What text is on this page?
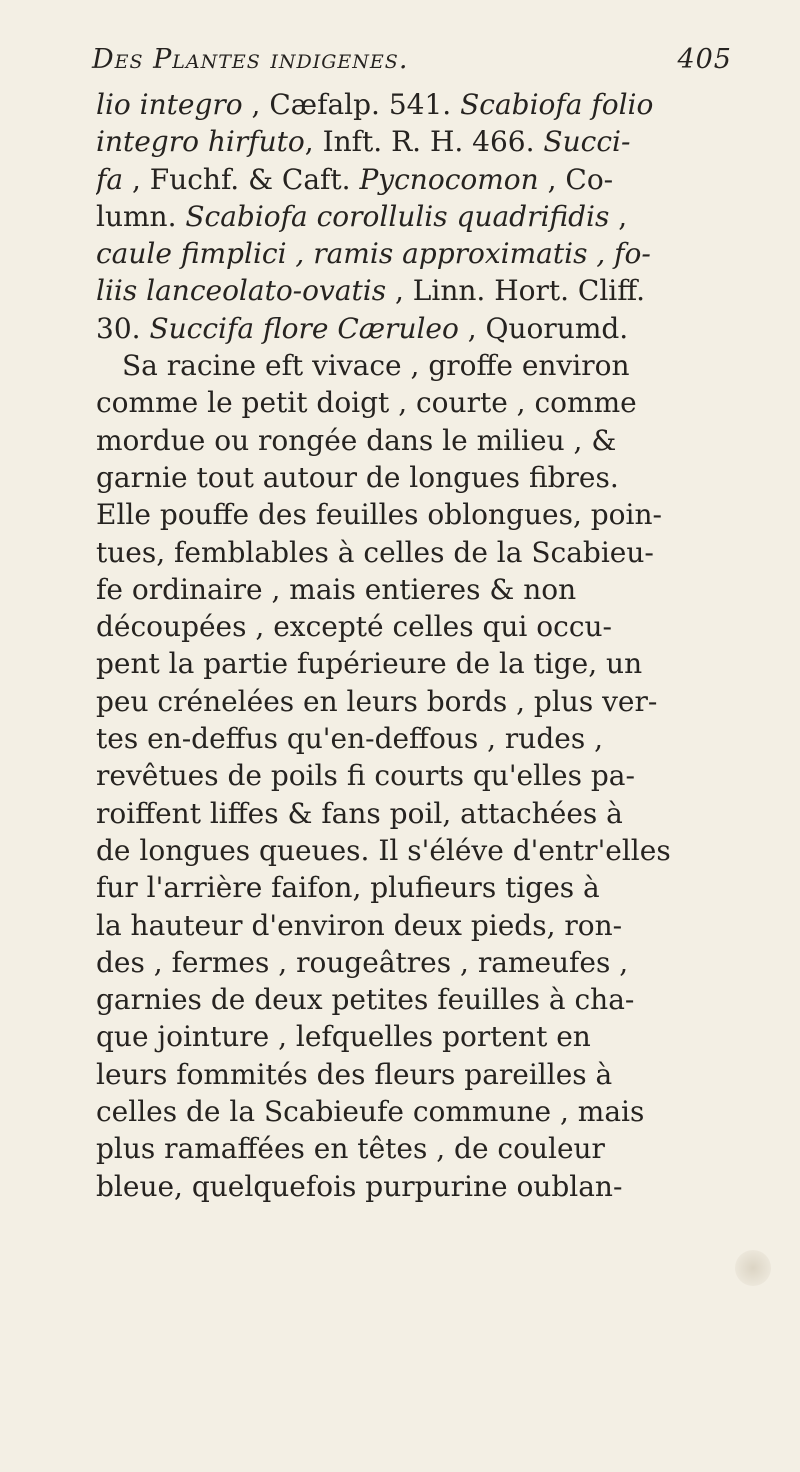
Des Plantes indigenes.	405
lio integro , Cæfalp. 541. Scabiofa folio
integro hirfuto, Inft. R. H. 466. Succi-
fa , Fuchf. & Caft. Pycnocomon , Co-
lumn. Scabiofa corollulis quadrifidis ,
caule fimplici , ramis approximatis , fo-
liis lanceolato-ovatis , Linn. Hort. Cliff.
30. Succifa flore Cæruleo , Quorumd.
Sa racine eft vivace , groffe environ
comme le petit doigt , courte , comme
mordue ou rongée dans le milieu , &
garnie tout autour de longues fibres.
Elle pouffe des feuilles oblongues, poin-
tues, femblables à celles de la Scabieu-
fe ordinaire , mais entieres & non
découpées , excepté celles qui occu-
pent la partie fupérieure de la tige, un
peu crénelées en leurs bords , plus ver-
tes en-deffus qu'en-deffous , rudes ,
revêtues de poils fi courts qu'elles pa-
roiffent liffes & fans poil, attachées à
de longues queues. Il s'éléve d'entr'elles
fur l'arrière faifon, plufieurs tiges à
la hauteur d'environ deux pieds, ron-
des , fermes , rougeâtres , rameufes ,
garnies de deux petites feuilles à cha-
que jointure , lefquelles portent en
leurs fommités des fleurs pareilles à
celles de la Scabieufe commune , mais
plus ramaffées en têtes , de couleur
bleue, quelquefois purpurine oublan-
